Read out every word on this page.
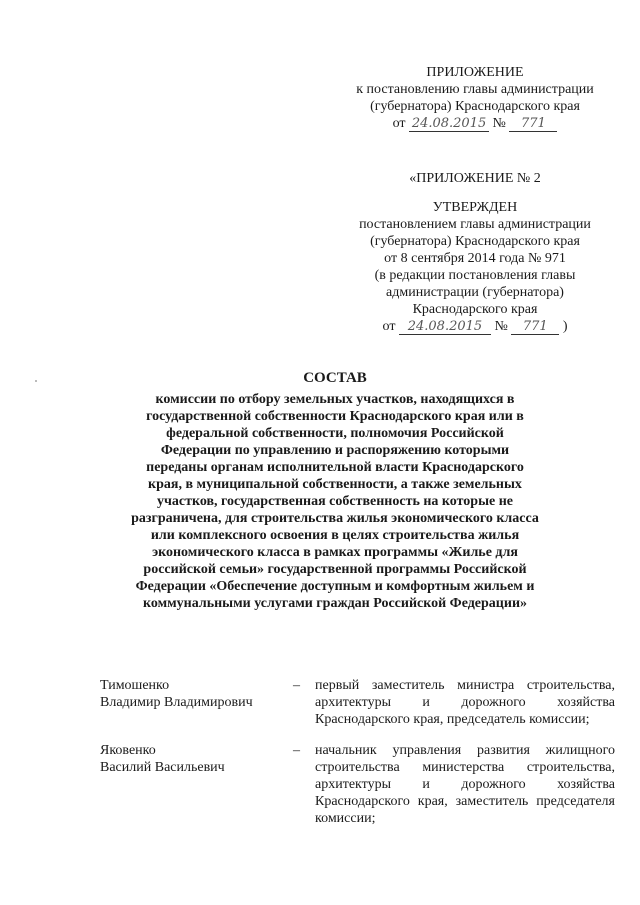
ПРИЛОЖЕНИЕ
к постановлению главы администрации
(губернатора) Краснодарского края
от 24.08.2015 № 771
«ПРИЛОЖЕНИЕ № 2
УТВЕРЖДЕН
постановлением главы администрации
(губернатора) Краснодарского края
от 8 сентября 2014 года № 971
(в редакции постановления главы
администрации (губернатора)
Краснодарского края
от 24.08.2015 № 771 )
СОСТАВ
комиссии по отбору земельных участков, находящихся в
государственной собственности Краснодарского края или в
федеральной собственности, полномочия Российской
Федерации по управлению и распоряжению которыми
переданы органам исполнительной власти Краснодарского
края, в муниципальной собственности, а также земельных
участков, государственная собственность на которые не
разграничена, для строительства жилья экономического класса
или комплексного освоения в целях строительства жилья
экономического класса в рамках программы «Жилье для
российской семьи» государственной программы Российской
Федерации «Обеспечение доступным и комфортным жильем и
коммунальными услугами граждан Российской Федерации»
Тимошенко
Владимир Владимирович
– первый заместитель министра строительства, архитектуры и дорожного хозяйства Краснодарского края, председатель комиссии;
Яковенко
Василий Васильевич
– начальник управления развития жилищного строительства министерства строительства, архитектуры и дорожного хозяйства Краснодарского края, заместитель председателя комиссии;
